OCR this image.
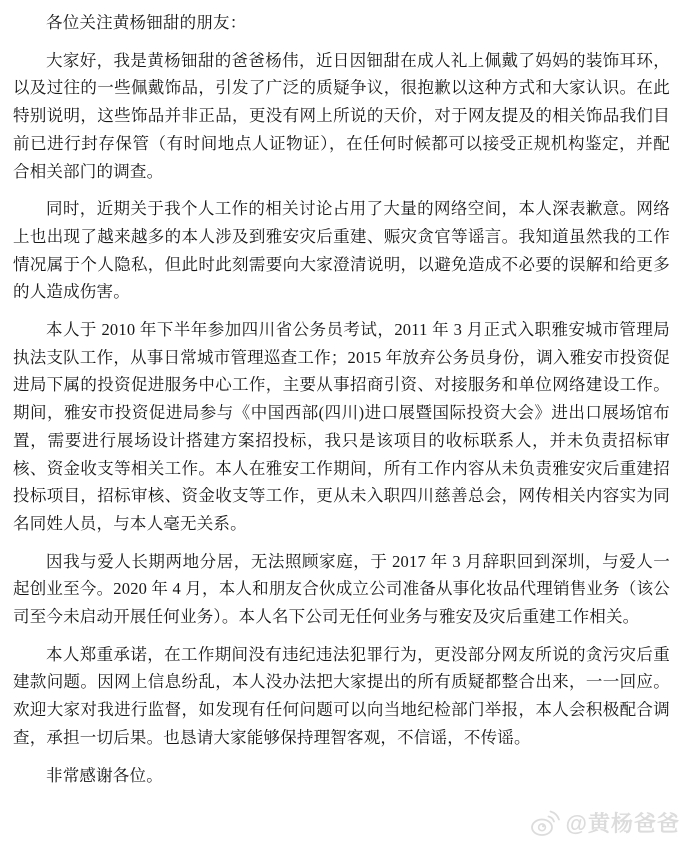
各位关注黄杨钿甜的朋友：

大家好，我是黄杨钿甜的爸爸杨伟，近日因钿甜在成人礼上佩戴了妈妈的装饰耳环，以及过往的一些佩戴饰品，引发了广泛的质疑争议，很抱歉以这种方式和大家认识。在此特别说明，这些饰品并非正品，更没有网上所说的天价，对于网友提及的相关饰品我们目前已进行封存保管（有时间地点人证物证），在任何时候都可以接受正规机构鉴定，并配合相关部门的调查。

同时，近期关于我个人工作的相关讨论占用了大量的网络空间，本人深表歉意。网络上也出现了越来越多的本人涉及到雅安灾后重建、赈灾贪官等谣言。我知道虽然我的工作情况属于个人隐私，但此时此刻需要向大家澄清说明，以避免造成不必要的误解和给更多的人造成伤害。

本人于 2010 年下半年参加四川省公务员考试，2011 年 3 月正式入职雅安城市管理局执法支队工作，从事日常城市管理巡查工作；2015 年放弃公务员身份，调入雅安市投资促进局下属的投资促进服务中心工作，主要从事招商引资、对接服务和单位网络建设工作。期间，雅安市投资促进局参与《中国西部(四川)进口展暨国际投资大会》进出口展场馆布置，需要进行展场设计搭建方案招投标，我只是该项目的收标联系人，并未负责招标审核、资金收支等相关工作。本人在雅安工作期间，所有工作内容从未负责雅安灾后重建招投标项目，招标审核、资金收支等工作，更从未入职四川慈善总会，网传相关内容实为同名同姓人员，与本人毫无关系。

因我与爱人长期两地分居，无法照顾家庭，于 2017 年 3 月辞职回到深圳，与爱人一起创业至今。2020 年 4 月，本人和朋友合伙成立公司准备从事化妆品代理销售业务（该公司至今未启动开展任何业务）。本人名下公司无任何业务与雅安及灾后重建工作相关。

本人郑重承诺，在工作期间没有违纪违法犯罪行为，更没部分网友所说的贪污灾后重建款问题。因网上信息纷乱，本人没办法把大家提出的所有质疑都整合出来，一一回应。欢迎大家对我进行监督，如发现有任何问题可以向当地纪检部门举报，本人会积极配合调查，承担一切后果。也恳请大家能够保持理智客观，不信谣，不传谣。

非常感谢各位。

@黄杨爸爸
